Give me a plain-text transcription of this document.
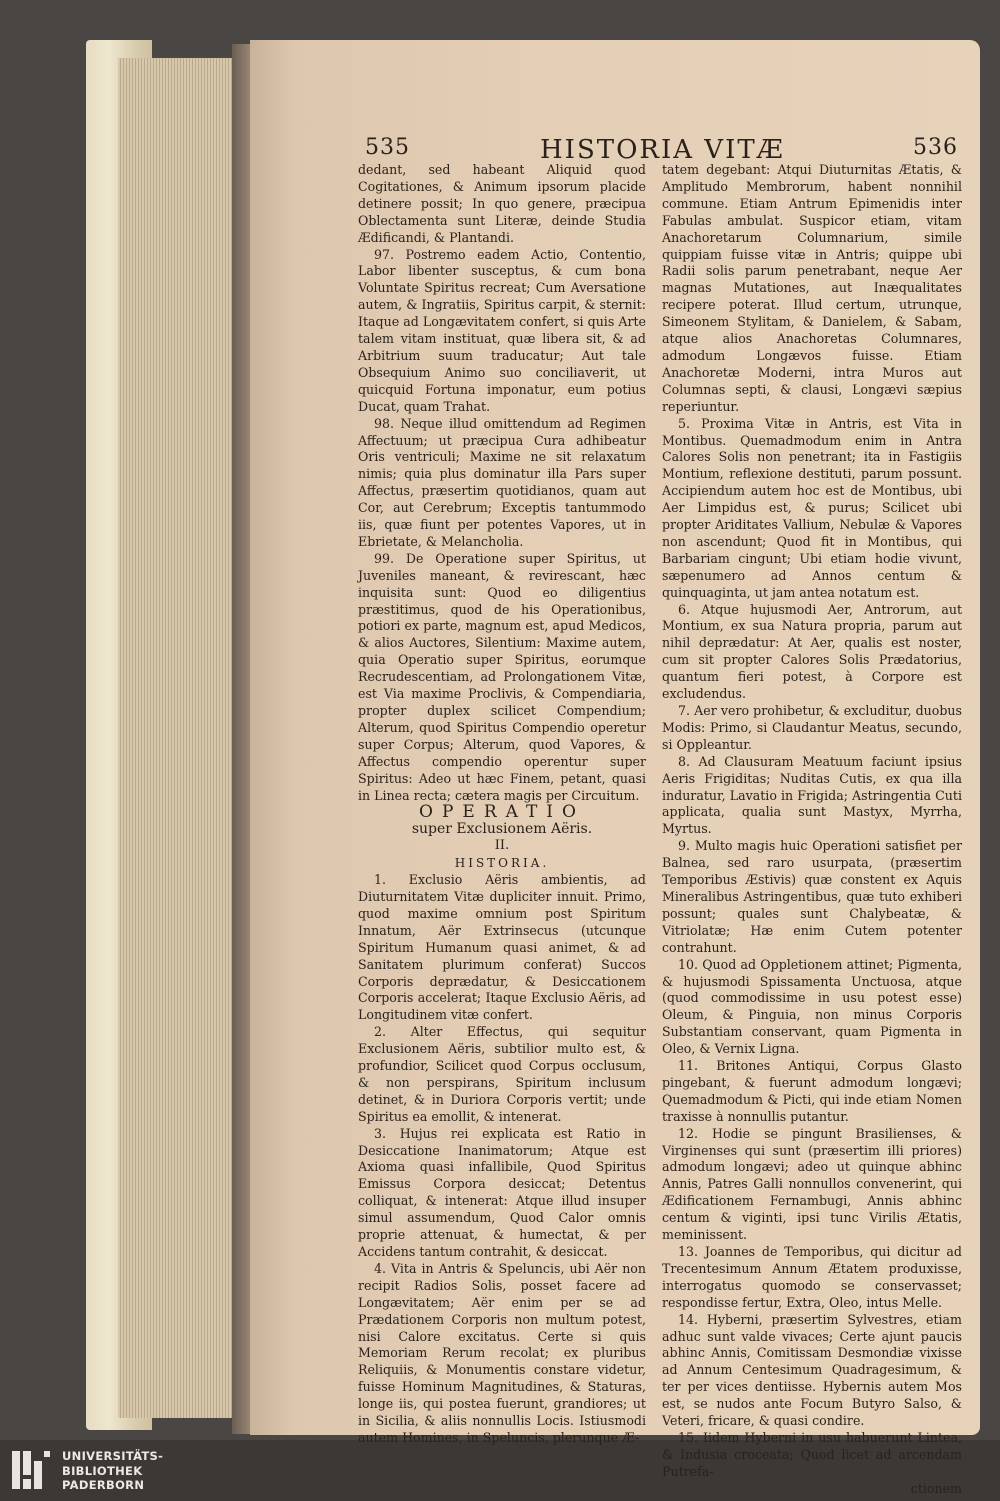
535	HISTORIA VITÆ	536

dedant, sed habeant Aliquid quod Cogitationes, & Animum ipsorum placide detinere possit; In quo genere, præcipua Oblectamenta sunt Literæ, deinde Studia Ædificandi, & Plantandi.

97. Postremo eadem Actio, Contentio, Labor libenter susceptus, & cum bona Voluntate Spiritus recreat; Cum Aversatione autem, & Ingratiis, Spiritus carpit, & sternit: Itaque ad Longævitatem confert, si quis Arte talem vitam instituat, quæ libera sit, & ad Arbitrium suum traducatur; Aut tale Obsequium Animo suo conciliaverit, ut quicquid Fortuna imponatur, eum potius Ducat, quam Trahat.

98. Neque illud omittendum ad Regimen Affectuum; ut præcipua Cura adhibeatur Oris ventriculi; Maxime ne sit relaxatum nimis; quia plus dominatur illa Pars super Affectus, præsertim quotidianos, quam aut Cor, aut Cerebrum; Exceptis tantummodo iis, quæ fiunt per potentes Vapores, ut in Ebrietate, & Melancholia.

99. De Operatione super Spiritus, ut Juveniles maneant, & revirescant, hæc inquisita sunt: Quod eo diligentius præstitimus, quod de his Operationibus, potiori ex parte, magnum est, apud Medicos, & alios Auctores, Silentium: Maxime autem, quia Operatio super Spiritus, eorumque Recrudescentiam, ad Prolongationem Vitæ, est Via maxime Proclivis, & Compendiaria, propter duplex scilicet Compendium; Alterum, quod Spiritus Compendio operetur super Corpus; Alterum, quod Vapores, & Affectus compendio operentur super Spiritus: Adeo ut hæc Finem, petant, quasi in Linea recta; cætera magis per Circuitum.

OPERATIO

super Exclusionem Aëris.

II.

HISTORIA.

1. Exclusio Aëris ambientis, ad Diuturnitatem Vitæ dupliciter innuit. Primo, quod maxime omnium post Spiritum Innatum, Aër Extrinsecus (utcunque Spiritum Humanum quasi animet, & ad Sanitatem plurimum conferat) Succos Corporis deprædatur, & Desiccationem Corporis accelerat; Itaque Exclusio Aëris, ad Longitudinem vitæ confert.

2. Alter Effectus, qui sequitur Exclusionem Aëris, subtilior multo est, & profundior, Scilicet quod Corpus occlusum, & non perspirans, Spiritum inclusum detinet, & in Duriora Corporis vertit; unde Spiritus ea emollit, & intenerat.

3. Hujus rei explicata est Ratio in Desiccatione Inanimatorum; Atque est Axioma quasi infallibile, Quod Spiritus Emissus Corpora desiccat; Detentus colliquat, & intenerat: Atque illud insuper simul assumendum, Quod Calor omnis proprie attenuat, & humectat, & per Accidens tantum contrahit, & desiccat.

4. Vita in Antris & Speluncis, ubi Aër non recipit Radios Solis, posset facere ad Longævitatem; Aër enim per se ad Prædationem Corporis non multum potest, nisi Calore excitatus. Certe si quis Memoriam Rerum recolat; ex pluribus Reliquiis, & Monumentis constare videtur, fuisse Hominum Magnitudines, & Staturas, longe iis, qui postea fuerunt, grandiores; ut in Sicilia, & aliis nonnullis Locis. Istiusmodi autem Homines, in Speluncis, plerunque Æ-

tatem degebant: Atqui Diuturnitas Ætatis, & Amplitudo Membrorum, habent nonnihil commune. Etiam Antrum Epimenidis inter Fabulas ambulat. Suspicor etiam, vitam Anachoretarum Columnarium, simile quippiam fuisse vitæ in Antris; quippe ubi Radii solis parum penetrabant, neque Aer magnas Mutationes, aut Inæqualitates recipere poterat. Illud certum, utrunque, Simeonem Stylitam, & Danielem, & Sabam, atque alios Anachoretas Columnares, admodum Longævos fuisse. Etiam Anachoretæ Moderni, intra Muros aut Columnas septi, & clausi, Longævi sæpius reperiuntur.

5. Proxima Vitæ in Antris, est Vita in Montibus. Quemadmodum enim in Antra Calores Solis non penetrant; ita in Fastigiis Montium, reflexione destituti, parum possunt. Accipiendum autem hoc est de Montibus, ubi Aer Limpidus est, & purus; Scilicet ubi propter Ariditates Vallium, Nebulæ & Vapores non ascendunt; Quod fit in Montibus, qui Barbariam cingunt; Ubi etiam hodie vivunt, sæpenumero ad Annos centum & quinquaginta, ut jam antea notatum est.

6. Atque hujusmodi Aer, Antrorum, aut Montium, ex sua Natura propria, parum aut nihil deprædatur: At Aer, qualis est noster, cum sit propter Calores Solis Prædatorius, quantum fieri potest, à Corpore est excludendus.

7. Aer vero prohibetur, & excluditur, duobus Modis: Primo, si Claudantur Meatus, secundo, si Oppleantur.

8. Ad Clausuram Meatuum faciunt ipsius Aeris Frigiditas; Nuditas Cutis, ex qua illa induratur, Lavatio in Frigida; Astringentia Cuti applicata, qualia sunt Mastyx, Myrrha, Myrtus.

9. Multo magis huic Operationi satisfiet per Balnea, sed raro usurpata, (præsertim Temporibus Æstivis) quæ constent ex Aquis Mineralibus Astringentibus, quæ tuto exhiberi possunt; quales sunt Chalybeatæ, & Vitriolatæ; Hæ enim Cutem potenter contrahunt.

10. Quod ad Oppletionem attinet; Pigmenta, & hujusmodi Spissamenta Unctuosa, atque (quod commodissime in usu potest esse) Oleum, & Pinguia, non minus Corporis Substantiam conservant, quam Pigmenta in Oleo, & Vernix Ligna.

11. Britones Antiqui, Corpus Glasto pingebant, & fuerunt admodum longævi; Quemadmodum & Picti, qui inde etiam Nomen traxisse à nonnullis putantur.

12. Hodie se pingunt Brasilienses, & Virginenses qui sunt (præsertim illi priores) admodum longævi; adeo ut quinque abhinc Annis, Patres Galli nonnullos convenerint, qui Ædificationem Fernambugi, Annis abhinc centum & viginti, ipsi tunc Virilis Ætatis, meminissent.

13. Joannes de Temporibus, qui dicitur ad Trecentesimum Annum Ætatem produxisse, interrogatus quomodo se conservasset; respondisse fertur, Extra, Oleo, intus Melle.

14. Hyberni, præsertim Sylvestres, etiam adhuc sunt valde vivaces; Certe ajunt paucis abhinc Annis, Comitissam Desmondiæ vixisse ad Annum Centesimum Quadragesimum, & ter per vices dentiisse. Hybernis autem Mos est, se nudos ante Focum Butyro Salso, & Veteri, fricare, & quasi condire.

15. Iidem Hyberni in usu habuerunt Lintea, & Indusia croceata; Quod licet ad arcendam Putrefa-

ctionem

UNIVERSITÄTS-
BIBLIOTHEK
PADERBORN
